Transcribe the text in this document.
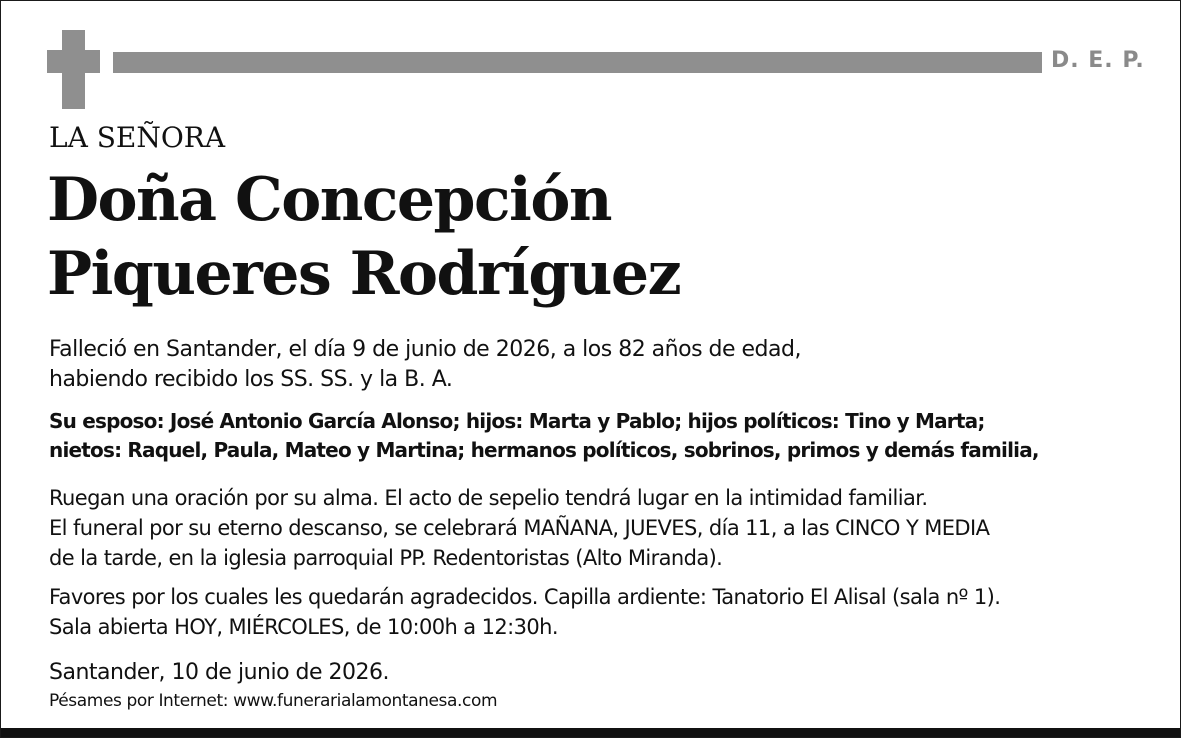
D. E. P.
LA SEÑORA
Doña Concepción
Piqueres Rodríguez
Falleció en Santander, el día 9 de junio de 2026, a los 82 años de edad,
habiendo recibido los SS. SS. y la B. A.
Su esposo: José Antonio García Alonso; hijos: Marta y Pablo; hijos políticos: Tino y Marta;
nietos: Raquel, Paula, Mateo y Martina; hermanos políticos, sobrinos, primos y demás familia,
Ruegan una oración por su alma. El acto de sepelio tendrá lugar en la intimidad familiar.
El funeral por su eterno descanso, se celebrará MAÑANA, JUEVES, día 11, a las CINCO Y MEDIA
de la tarde, en la iglesia parroquial PP. Redentoristas (Alto Miranda).
Favores por los cuales les quedarán agradecidos. Capilla ardiente: Tanatorio El Alisal (sala nº 1).
Sala abierta HOY, MIÉRCOLES, de 10:00h a 12:30h.
Santander, 10 de junio de 2026.
Pésames por Internet: www.funerarialamontanesa.com
